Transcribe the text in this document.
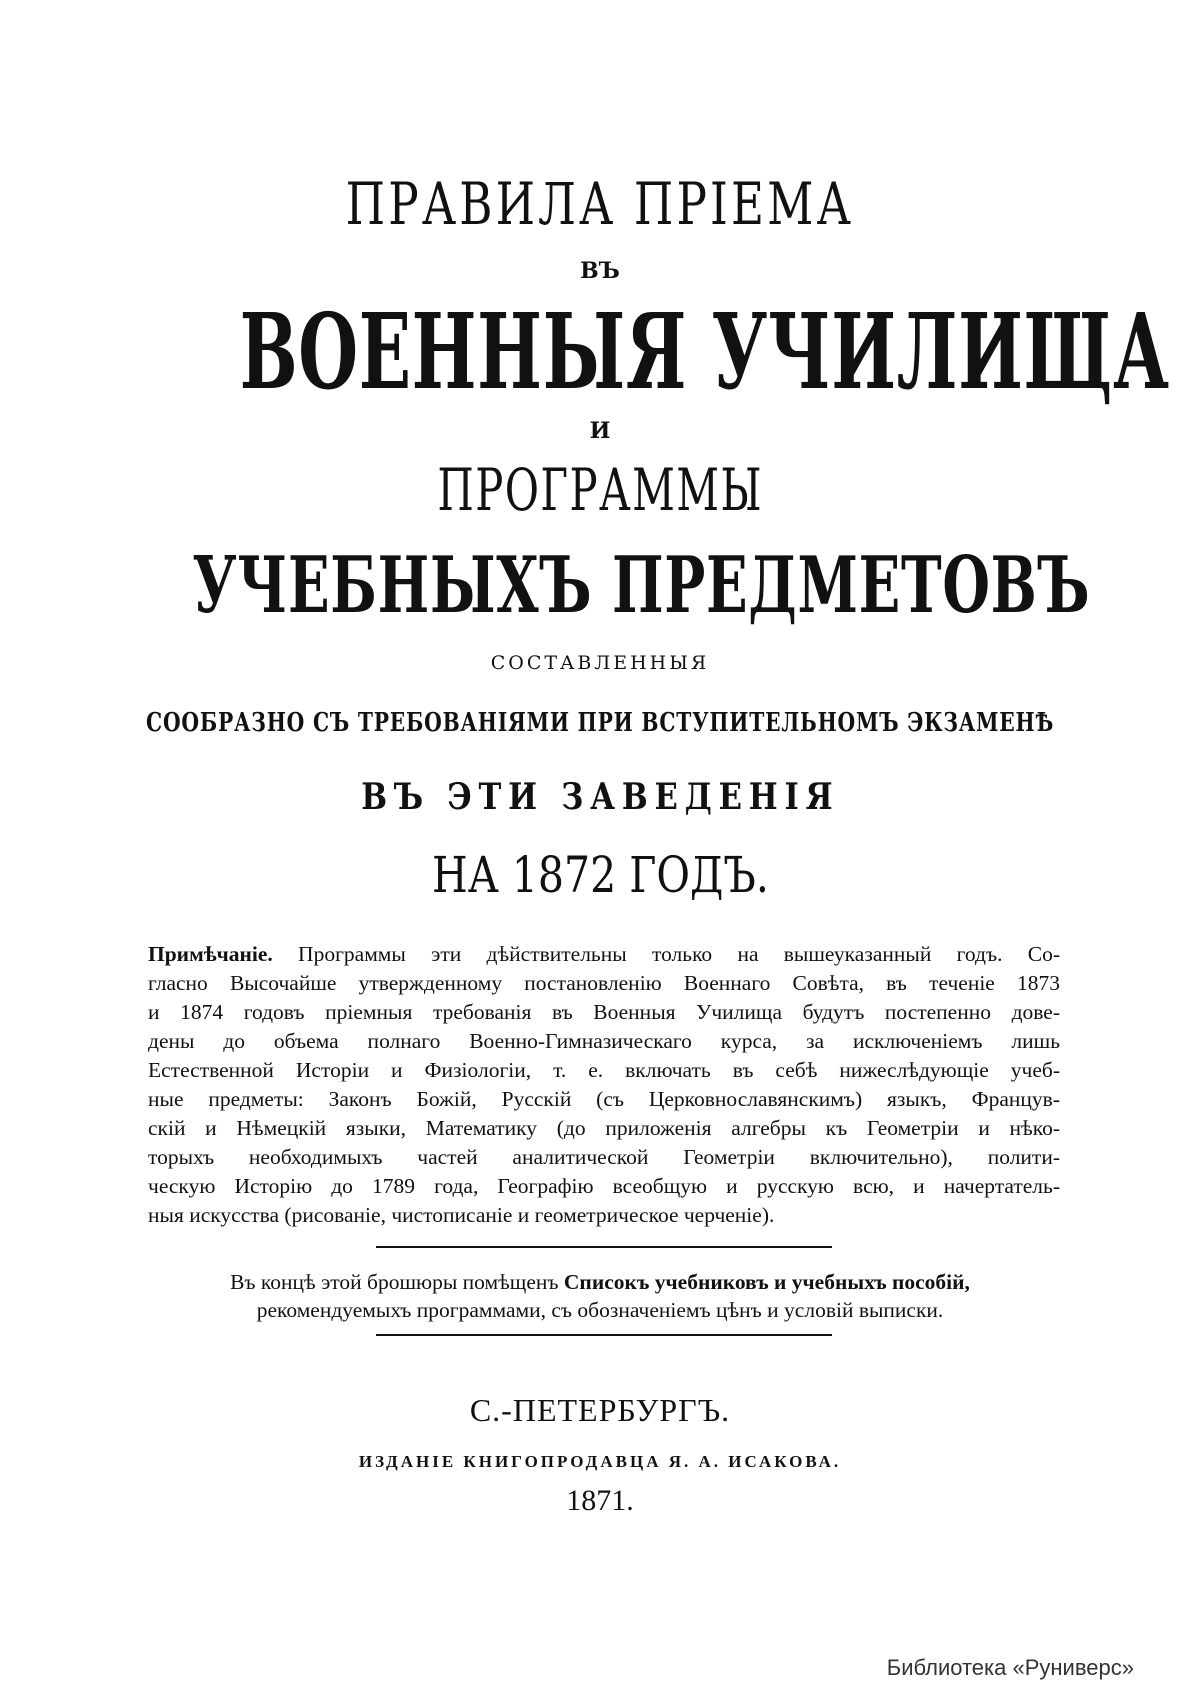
ПРАВИЛА ПРІЕМА
ВЪ
ВОЕННЫЯ УЧИЛИЩА
И
ПРОГРАММЫ
УЧЕБНЫХЪ ПРЕДМЕТОВЪ
СОСТАВЛЕННЫЯ
СООБРАЗНО СЪ ТРЕБОВАНІЯМИ ПРИ ВСТУПИТЕЛЬНОМЪ ЭКЗАМЕНѢ
ВЪ ЭТИ ЗАВЕДЕНІЯ
НА 1872 ГОДЪ.
Примѣчаніе. Программы эти дѣйствительны только на вышеуказанный годъ. Со-
гласно Высочайше утвержденному постановленію Военнаго Совѣта, въ теченіе 1873
и 1874 годовъ пріемныя требованія въ Военныя Училища будутъ постепенно дове-
дены до объема полнаго Военно-Гимназическаго курса, за исключеніемъ лишь
Естественной Исторіи и Физіологіи, т. е. включать въ себѣ нижеслѣдующіе учеб-
ные предметы: Законъ Божій, Русскій (съ Церковнославянскимъ) языкъ, Францув-
скій и Нѣмецкій языки, Математику (до приложенія алгебры къ Геометріи и нѣко-
торыхъ необходимыхъ частей аналитической Геометріи включительно), полити-
ческую Исторію до 1789 года, Географію всеобщую и русскую всю, и начертатель-
ныя искусства (рисованіе, чистописаніе и геометрическое черченіе).
Въ концѣ этой брошюры помѣщенъ Списокъ учебниковъ и учебныхъ пособій,
рекомендуемыхъ программами, съ обозначеніемъ цѣнъ и условій выписки.
С.-ПЕТЕРБУРГЪ.
ИЗДАНІЕ КНИГОПРОДАВЦА Я. А. ИСАКОВА.
1871.
Библиотека «Руниверс»
